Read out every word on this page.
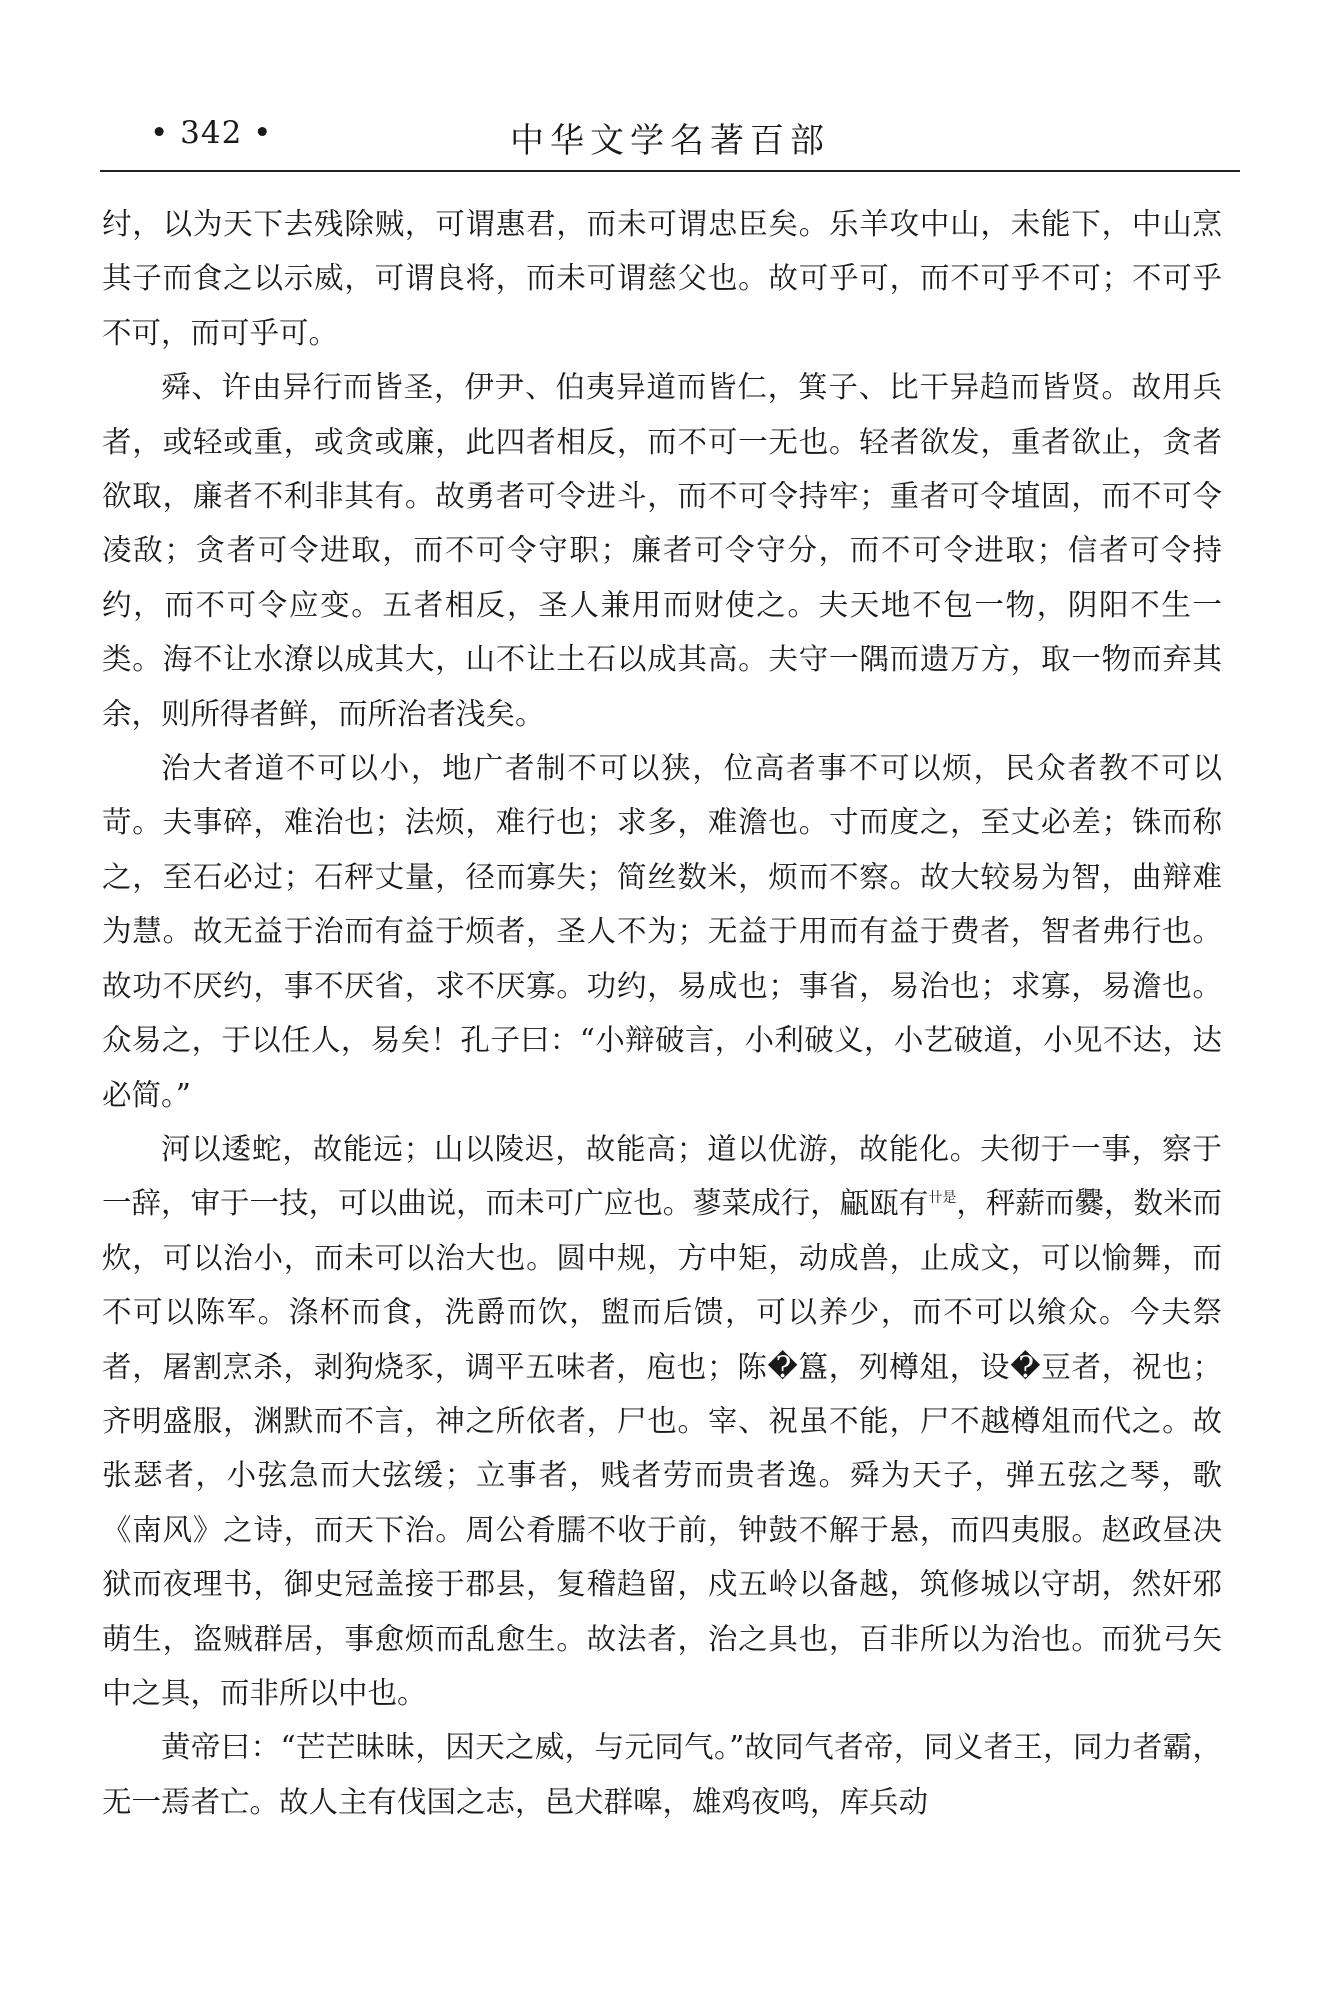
• 342 •	中华文学名著百部

纣，以为天下去残除贼，可谓惠君，而未可谓忠臣矣。乐羊攻中山，未能下，中山烹其子而食之以示威，可谓良将，而未可谓慈父也。故可乎可，而不可乎不可；不可乎不可，而可乎可。

舜、许由异行而皆圣，伊尹、伯夷异道而皆仁，箕子、比干异趋而皆贤。故用兵者，或轻或重，或贪或廉，此四者相反，而不可一无也。轻者欲发，重者欲止，贪者欲取，廉者不利非其有。故勇者可令进斗，而不可令持牢；重者可令埴固，而不可令凌敌；贪者可令进取，而不可令守职；廉者可令守分，而不可令进取；信者可令持约，而不可令应变。五者相反，圣人兼用而财使之。夫天地不包一物，阴阳不生一类。海不让水潦以成其大，山不让土石以成其高。夫守一隅而遗万方，取一物而弃其余，则所得者鲜，而所治者浅矣。

治大者道不可以小，地广者制不可以狭，位高者事不可以烦，民众者教不可以苛。夫事碎，难治也；法烦，难行也；求多，难澹也。寸而度之，至丈必差；铢而称之，至石必过；石秤丈量，径而寡失；简丝数米，烦而不察。故大较易为智，曲辩难为慧。故无益于治而有益于烦者，圣人不为；无益于用而有益于费者，智者弗行也。故功不厌约，事不厌省，求不厌寡。功约，易成也；事省，易治也；求寡，易澹也。众易之，于以任人，易矣！孔子曰：“小辩破言，小利破义，小艺破道，小见不达，达必简。”

河以逶蛇，故能远；山以陵迟，故能高；道以优游，故能化。夫彻于一事，察于一辞，审于一技，可以曲说，而未可广应也。蓼菜成行，甂瓯有$^{卄是}$，秤薪而爨，数米而炊，可以治小，而未可以治大也。圆中规，方中矩，动成兽，止成文，可以愉舞，而不可以陈军。涤杯而食，洗爵而饮，盥而后馈，可以养少，而不可以飨众。今夫祭者，屠割烹杀，剥狗烧豕，调平五味者，庖也；陈�簋，列樽俎，设�豆者，祝也；齐明盛服，渊默而不言，神之所依者，尸也。宰、祝虽不能，尸不越樽俎而代之。故张瑟者，小弦急而大弦缓；立事者，贱者劳而贵者逸。舜为天子，弹五弦之琴，歌《南风》之诗，而天下治。周公肴臑不收于前，钟鼓不解于悬，而四夷服。赵政昼决狱而夜理书，御史冠盖接于郡县，复稽趋留，戍五岭以备越，筑修城以守胡，然奸邪萌生，盗贼群居，事愈烦而乱愈生。故法者，治之具也，百非所以为治也。而犹弓矢中之具，而非所以中也。

黄帝曰：“芒芒昧昧，因天之威，与元同气。”故同气者帝，同义者王，同力者霸，无一焉者亡。故人主有伐国之志，邑犬群嗥，雄鸡夜鸣，库兵动
